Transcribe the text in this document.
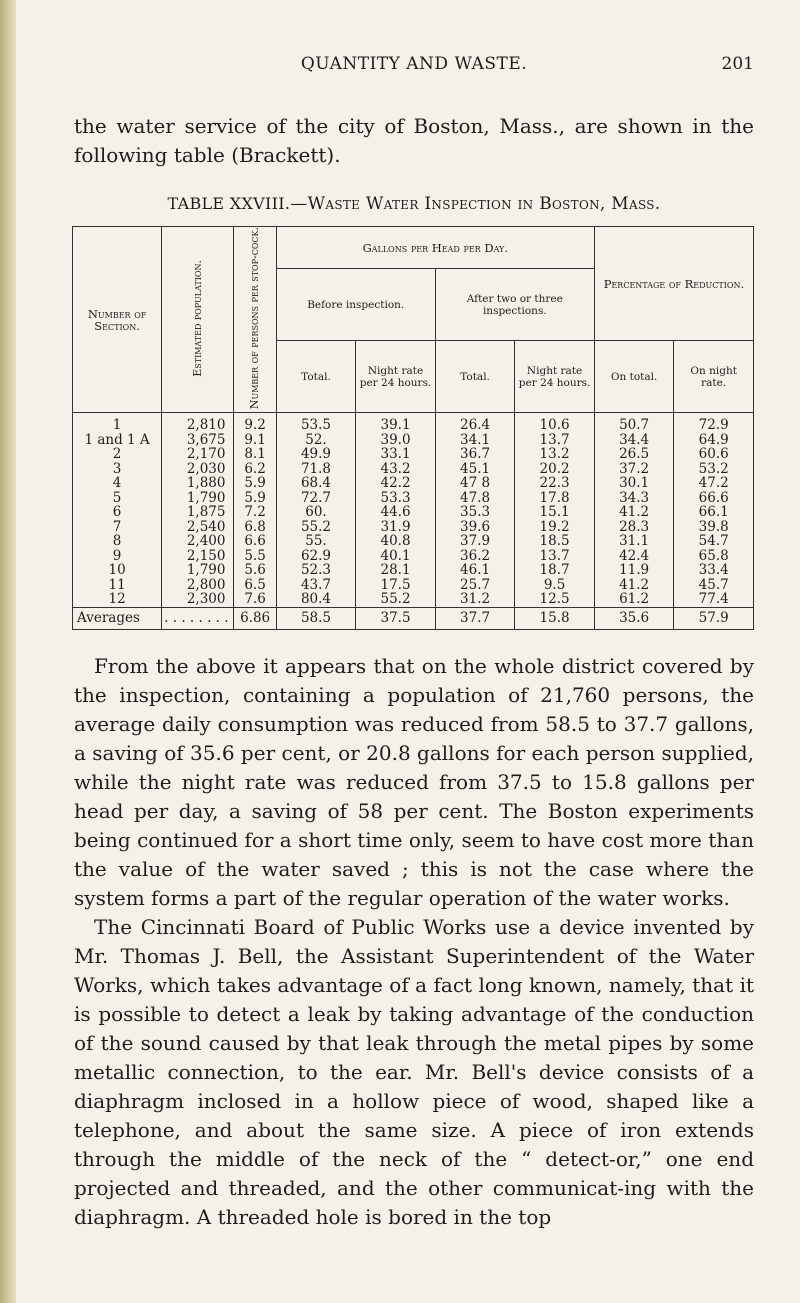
QUANTITY AND WASTE.	201

the water service of the city of Boston, Mass., are shown in the following table (Brackett).

TABLE XXVIII.—Waste Water Inspection in Boston, Mass.
Number of Section.	Estimated population.	Number of persons per stop-cock.	Gallons per Head per Day.				Percentage of Reduction.	
			Before inspection.		After two or three inspections.			
			Total.	Night rate per 24 hours.	Total.	Night rate per 24 hours.	On total.	On night rate.
1	2,810	9.2	53.5	39.1	26.4	10.6	50.7	72.9
1 and 1 A	3,675	9.1	52.	39.0	34.1	13.7	34.4	64.9
2	2,170	8.1	49.9	33.1	36.7	13.2	26.5	60.6
3	2,030	6.2	71.8	43.2	45.1	20.2	37.2	53.2
4	1,880	5.9	68.4	42.2	47 8	22.3	30.1	47.2
5	1,790	5.9	72.7	53.3	47.8	17.8	34.3	66.6
6	1,875	7.2	60.	44.6	35.3	15.1	41.2	66.1
7	2,540	6.8	55.2	31.9	39.6	19.2	28.3	39.8
8	2,400	6.6	55.	40.8	37.9	18.5	31.1	54.7
9	2,150	5.5	62.9	40.1	36.2	13.7	42.4	65.8
10	1,790	5.6	52.3	28.1	46.1	18.7	11.9	33.4
11	2,800	6.5	43.7	17.5	25.7	9.5	41.2	45.7
12	2,300	7.6	80.4	55.2	31.2	12.5	61.2	77.4
Averages	. . . . . . . .	6.86	58.5	37.5	37.7	15.8	35.6	57.9

From the above it appears that on the whole district covered by the inspection, containing a population of 21,760 persons, the average daily consumption was reduced from 58.5 to 37.7 gallons, a saving of 35.6 per cent, or 20.8 gallons for each person supplied, while the night rate was reduced from 37.5 to 15.8 gallons per head per day, a saving of 58 per cent. The Boston experiments being continued for a short time only, seem to have cost more than the value of the water saved ; this is not the case where the system forms a part of the regular operation of the water works.

The Cincinnati Board of Public Works use a device invented by Mr. Thomas J. Bell, the Assistant Superintendent of the Water Works, which takes advantage of a fact long known, namely, that it is possible to detect a leak by taking advantage of the conduction of the sound caused by that leak through the metal pipes by some metallic connection, to the ear. Mr. Bell's device consists of a diaphragm inclosed in a hollow piece of wood, shaped like a telephone, and about the same size. A piece of iron extends through the middle of the neck of the “ detect-or,” one end projected and threaded, and the other communicat-ing with the diaphragm. A threaded hole is bored in the top
